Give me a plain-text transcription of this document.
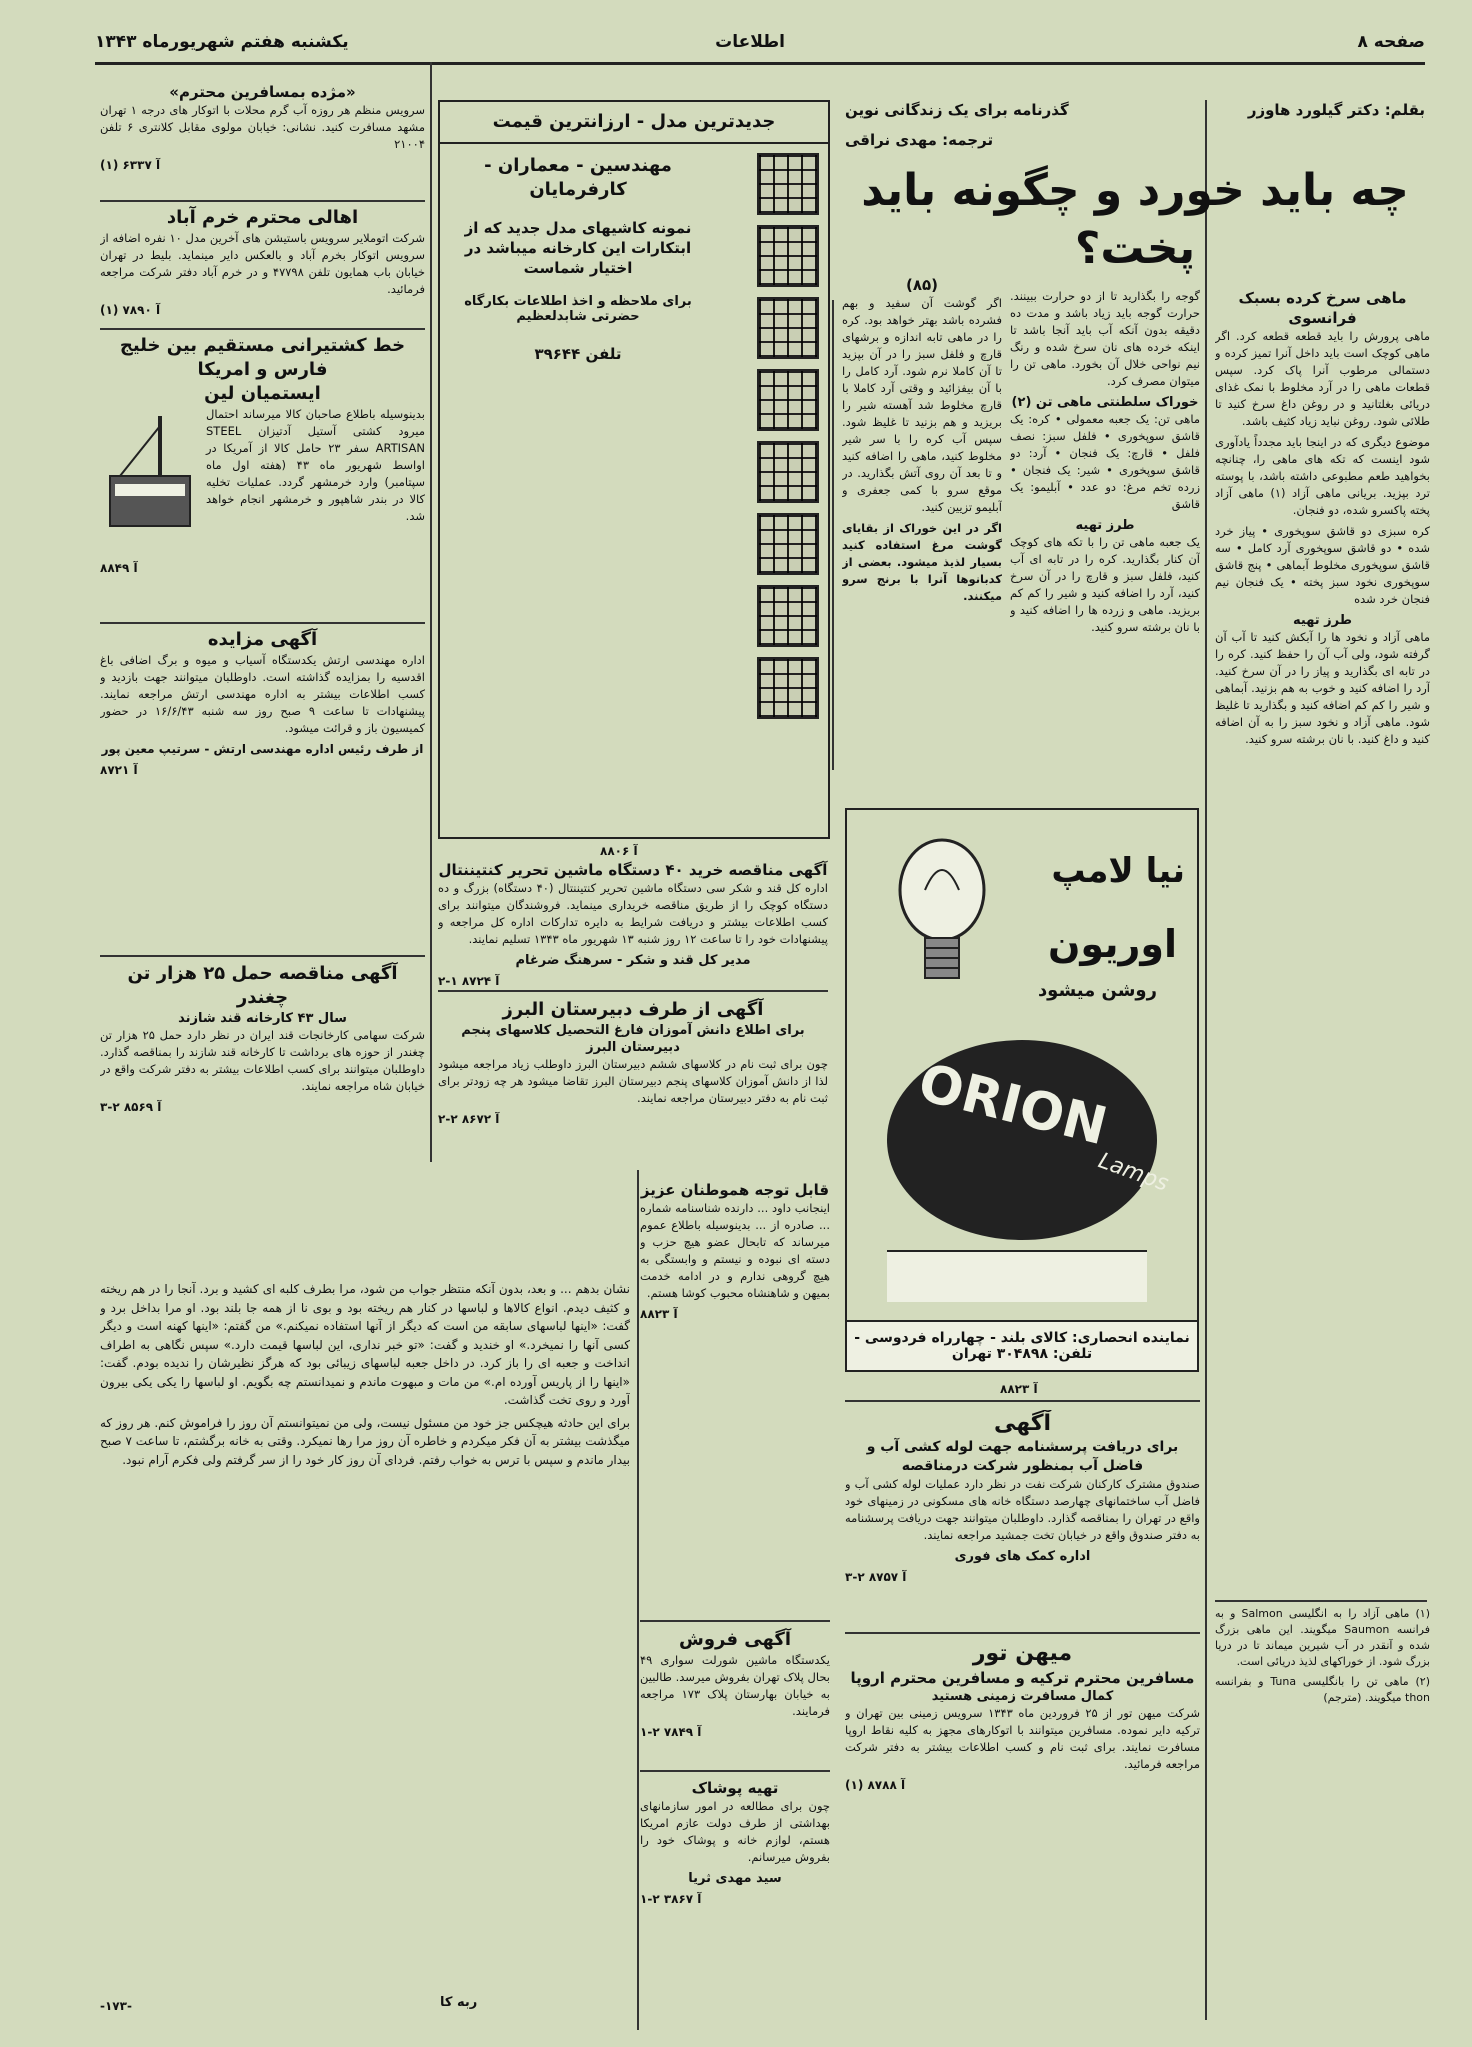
صفحه ۸
اطلاعات
یکشنبه هفتم شهریورماه ۱۳۴۳
بقلم: دکتر گیلورد هاوزر
گذرنامه برای یک زندگانی نوین
ترجمه: مهدی نراقی
چه باید خورد و چگونه باید پخت؟
ماهی سرخ کرده بسبک فرانسوی

ماهی پرورش را باید قطعه قطعه کرد. اگر ماهی کوچک است باید داخل آنرا تمیز کرده و دستمالی مرطوب آنرا پاک کرد. سپس قطعات ماهی را در آرد مخلوط با نمک غذای دریائی بغلتانید و در روغن داغ سرخ کنید تا طلائی شود. روغن نباید زیاد کثیف باشد.

موضوع دیگری که در اینجا باید مجدداً یادآوری شود اینست که تکه های ماهی را، چنانچه بخواهید طعم مطبوعی داشته باشد، با پوسته ترد بپزید. بریانی ماهی آزاد (۱) ماهی آزاد پخته پاکسرو شده، دو فنجان.

کره سبزی دو قاشق سوپخوری • پیاز خرد شده • دو قاشق سوپخوری آرد کامل • سه قاشق سوپخوری مخلوط آبماهی • پنج قاشق سوپخوری نخود سبز پخته • یک فنجان نیم فنجان خرد شده

طرز تهیه

ماهی آزاد و نخود ها را آبکش کنید تا آب آن گرفته شود، ولی آب آن را حفظ کنید. کره را در تابه ای بگذارید و پیاز را در آن سرخ کنید. آرد را اضافه کنید و خوب به هم بزنید. آبماهی و شیر را کم کم اضافه کنید و بگذارید تا غلیظ شود. ماهی آزاد و نخود سبز را به آن اضافه کنید و داغ کنید. با نان برشته سرو کنید.

(۱) ماهی آزاد را به انگلیسی Salmon و به فرانسه Saumon میگویند. این ماهی بزرگ شده و آنقدر در آب شیرین میماند تا در دریا بزرگ شود. از خوراکهای لذیذ دریائی است.

(۲) ماهی تن را بانگلیسی Tuna و بفرانسه thon میگویند. (مترجم)

گوجه را بگذارید تا از دو حرارت ببینند. حرارت گوجه باید زیاد باشد و مدت ده دقیقه بدون آنکه آب باید آنجا باشد تا اینکه خرده های نان سرخ شده و رنگ نیم نواحی خلال آن بخورد. ماهی تن را میتوان مصرف کرد.

خوراک سلطنتی ماهی تن (۲)

ماهی تن: یک جعبه معمولی • کره: یک قاشق سوپخوری • فلفل سبز: نصف فلفل • قارچ: یک فنجان • آرد: دو قاشق سوپخوری • شیر: یک فنجان • زرده تخم مرغ: دو عدد • آبلیمو: یک قاشق

طرز تهیه

یک جعبه ماهی تن را با تکه های کوچک آن کنار بگذارید. کره را در تابه ای آب کنید، فلفل سبز و قارچ را در آن سرخ کنید، آرد را اضافه کنید و شیر را کم کم بریزید. ماهی و زرده ها را اضافه کنید و با نان برشته سرو کنید.

(۸۵)

اگر گوشت آن سفید و بهم فشرده باشد بهتر خواهد بود. کره را در ماهی تابه اندازه و برشهای قارچ و فلفل سبز را در آن بپزید تا آن کاملا نرم شود. آرد کامل را با آن بیفزائید و وقتی آرد کاملا با قارچ مخلوط شد آهسته شیر را بریزید و هم بزنید تا غلیظ شود. سپس آب کره را با سر شیر مخلوط کنید، ماهی را اضافه کنید و تا بعد آن روی آتش بگذارید. در موقع سرو با کمی جعفری و آبلیمو تزیین کنید.

اگر در این خوراک از بقایای گوشت مرغ استفاده کنید بسیار لذیذ میشود. بعضی از کدبانوها آنرا با برنج سرو میکنند.

نیا لامپ
اوریون
روشن میشود
ORION
Lamps
نماینده انحصاری: کالای بلند - چهارراه فردوسی - تلفن: ۳۰۴۸۹۸ تهران
آ ۸۸۲۳
آگهی
برای دریافت پرسشنامه جهت لوله کشی آب و فاضل آب بمنظور شرکت درمناقصه

صندوق مشترک کارکنان شرکت نفت در نظر دارد عملیات لوله کشی آب و فاضل آب ساختمانهای چهارصد دستگاه خانه های مسکونی در زمینهای خود واقع در تهران را بمناقصه گذارد. داوطلبان میتوانند جهت دریافت پرسشنامه به دفتر صندوق واقع در خیابان تخت جمشید مراجعه نمایند.

اداره کمک های فوری
آ ۸۷۵۷ ۲-۳
میهن تور
مسافرین محترم ترکیه و مسافرین محترم اروپا
کمال مسافرت زمینی هستید

شرکت میهن تور از ۲۵ فروردین ماه ۱۳۴۳ سرویس زمینی بین تهران و ترکیه دایر نموده. مسافرین میتوانند با اتوکارهای مجهز به کلیه نقاط اروپا مسافرت نمایند. برای ثبت نام و کسب اطلاعات بیشتر به دفتر شرکت مراجعه فرمائید.

آ ۸۷۸۸ (۱)
جدیدترین مدل - ارزانترین قیمت

مهندسین - معماران - کارفرمایان
نمونه کاشیهای مدل جدید که از ابتکارات این کارخانه میباشد در اختیار شماست
برای ملاحظه و اخذ اطلاعات بکارگاه حضرتی شابدلعظیم
تلفن ۳۹۶۴۴
آ ۸۸۰۶
آگهی مناقصه خرید ۴۰ دستگاه ماشین تحریر کنتیننتال

اداره کل قند و شکر سی دستگاه ماشین تحریر کنتیننتال (۴۰ دستگاه) بزرگ و ده دستگاه کوچک را از طریق مناقصه خریداری مینماید. فروشندگان میتوانند برای کسب اطلاعات بیشتر و دریافت شرایط به دایره تدارکات اداره کل مراجعه و پیشنهادات خود را تا ساعت ۱۲ روز شنبه ۱۳ شهریور ماه ۱۳۴۳ تسلیم نمایند.

مدیر کل قند و شکر - سرهنگ ضرغام
آ ۸۷۲۴ ۱-۲
آگهی از طرف دبیرستان البرز
برای اطلاع دانش آموزان فارغ التحصیل کلاسهای پنجم دبیرستان البرز

چون برای ثبت نام در کلاسهای ششم دبیرستان البرز داوطلب زیاد مراجعه میشود لذا از دانش آموزان کلاسهای پنجم دبیرستان البرز تقاضا میشود هر چه زودتر برای ثبت نام به دفتر دبیرستان مراجعه نمایند.

آ ۸۶۷۲ ۲-۲
«مژده بمسافرین محترم»

سرویس منظم هر روزه آب گرم محلات با اتوکار های درجه ۱ تهران مشهد مسافرت کنید. نشانی: خیابان مولوی مقابل کلانتری ۶ تلفن ۲۱۰۰۴

آ ۶۳۳۷ (۱)
اهالی محترم خرم آباد

شرکت اتوملایر سرویس باستیشن های آخرین مدل ۱۰ نفره اضافه از سرویس اتوکار بخرم آباد و بالعکس دایر مینماید. بلیط در تهران خیابان باب همایون تلفن ۴۷۷۹۸ و در خرم آباد دفتر شرکت مراجعه فرمائید.

آ ۷۸۹۰ (۱)
خط کشتیرانی مستقیم بین خلیج فارس و امریکا
ایستمیان لین

بدینوسیله باطلاع صاحبان کالا میرساند احتمال میرود کشتی آستیل آدتیزان STEEL ARTISAN سفر ۲۳ حامل کالا از آمریکا در اواسط شهریور ماه ۴۳ (هفته اول ماه سپتامبر) وارد خرمشهر گردد. عملیات تخلیه کالا در بندر شاهپور و خرمشهر انجام خواهد شد.

آ ۸۸۴۹
آگهی مزایده

اداره مهندسی ارتش یکدستگاه آسیاب و میوه و برگ اضافی باغ اقدسیه را بمزایده گذاشته است. داوطلبان میتوانند جهت بازدید و کسب اطلاعات بیشتر به اداره مهندسی ارتش مراجعه نمایند. پیشنهادات تا ساعت ۹ صبح روز سه شنبه ۱۶/۶/۴۳ در حضور کمیسیون باز و قرائت میشود.

از طرف رئیس اداره مهندسی ارتش - سرتیپ معین پور
آ ۸۷۲۱
آگهی مناقصه حمل ۲۵ هزار تن چغندر
سال ۴۳ کارخانه قند شازند

شرکت سهامی کارخانجات قند ایران در نظر دارد حمل ۲۵ هزار تن چغندر از حوزه های برداشت تا کارخانه قند شازند را بمناقصه گذارد. داوطلبان میتوانند برای کسب اطلاعات بیشتر به دفتر شرکت واقع در خیابان شاه مراجعه نمایند.

آ ۸۵۶۹ ۲-۳
قابل توجه هموطنان عزیز

اینجانب داود ... دارنده شناسنامه شماره ... صادره از ... بدینوسیله باطلاع عموم میرساند که تابحال عضو هیچ حزب و دسته ای نبوده و نیستم و وابستگی به هیچ گروهی ندارم و در ادامه خدمت بمیهن و شاهنشاه محبوب کوشا هستم.

آ ۸۸۲۳
آگهی فروش

یکدستگاه ماشین شورلت سواری ۴۹ بحال پلاک تهران بفروش میرسد. طالبین به خیابان بهارستان پلاک ۱۷۳ مراجعه فرمایند.

آ ۷۸۴۹ ۲-۱
تهیه پوشاک

چون برای مطالعه در امور سازمانهای بهداشتی از طرف دولت عازم امریکا هستم، لوازم خانه و پوشاک خود را بفروش میرسانم.

سید مهدی ثریا
آ ۳۸۶۷ ۲-۱

نشان بدهم ... و بعد، بدون آنکه منتظر جواب من شود، مرا بطرف کلبه ای کشید و برد. آنجا را در هم ریخته و کثیف دیدم. انواع کالاها و لباسها در کنار هم ریخته بود و بوی نا از همه جا بلند بود. او مرا بداخل برد و گفت: «اینها لباسهای سابقه من است که دیگر از آنها استفاده نمیکنم.» من گفتم: «اینها کهنه است و دیگر کسی آنها را نمیخرد.» او خندید و گفت: «تو خبر نداری، این لباسها قیمت دارد.» سپس نگاهی به اطراف انداخت و جعبه ای را باز کرد. در داخل جعبه لباسهای زیبائی بود که هرگز نظیرشان را ندیده بودم. گفت: «اینها را از پاریس آورده ام.» من مات و مبهوت ماندم و نمیدانستم چه بگویم. او لباسها را یکی یکی بیرون آورد و روی تخت گذاشت.

برای این حادثه هیچکس جز خود من مسئول نیست، ولی من نمیتوانستم آن روز را فراموش کنم. هر روز که میگذشت بیشتر به آن فکر میکردم و خاطره آن روز مرا رها نمیکرد. وقتی به خانه برگشتم، تا ساعت ۷ صبح بیدار ماندم و سپس با ترس به خواب رفتم. فردای آن روز کار خود را از سر گرفتم ولی فکرم آرام نبود.

-۱۷۳-	ربه کا
